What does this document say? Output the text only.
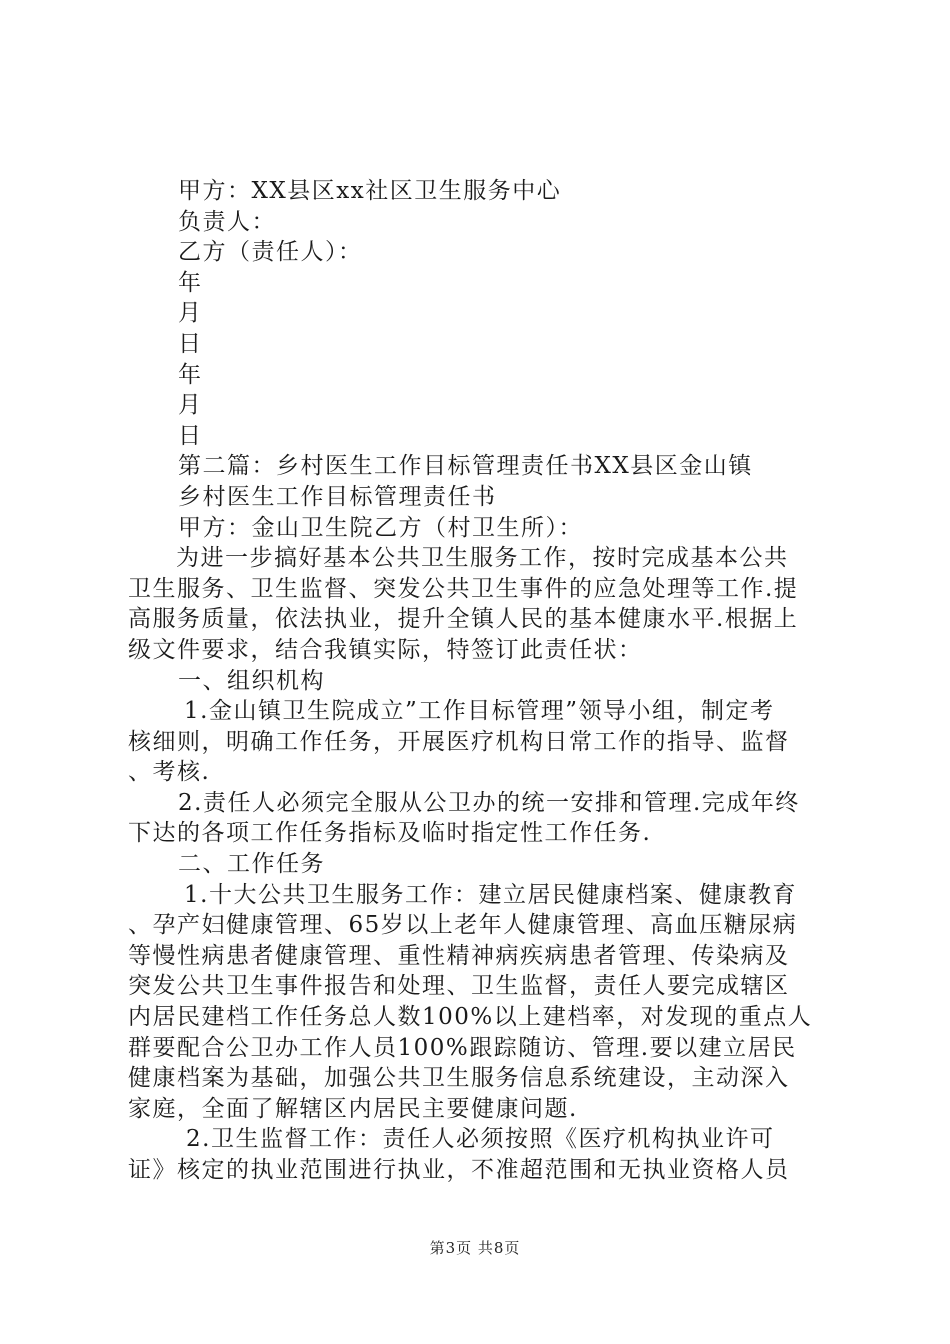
甲方：XX县区xx社区卫生服务中心
负责人：
乙方（责任人）：
年
月
日
年
月
日
第二篇：乡村医生工作目标管理责任书XX县区金山镇
乡村医生工作目标管理责任书
甲方：金山卫生院乙方（村卫生所）：
为进一步搞好基本公共卫生服务工作，按时完成基本公共
卫生服务、卫生监督、突发公共卫生事件的应急处理等工作.提
高服务质量，依法执业，提升全镇人民的基本健康水平.根据上
级文件要求，结合我镇实际，特签订此责任状：
一、组织机构
1.金山镇卫生院成立”工作目标管理”领导小组，制定考
核细则，明确工作任务，开展医疗机构日常工作的指导、监督
、考核.
2.责任人必须完全服从公卫办的统一安排和管理.完成年终
下达的各项工作任务指标及临时指定性工作任务.
二、工作任务
1.十大公共卫生服务工作：建立居民健康档案、健康教育
、孕产妇健康管理、65岁以上老年人健康管理、高血压糖尿病
等慢性病患者健康管理、重性精神病疾病患者管理、传染病及
突发公共卫生事件报告和处理、卫生监督，责任人要完成辖区
内居民建档工作任务总人数100%以上建档率，对发现的重点人
群要配合公卫办工作人员100%跟踪随访、管理.要以建立居民
健康档案为基础，加强公共卫生服务信息系统建设，主动深入
家庭，全面了解辖区内居民主要健康问题.
2.卫生监督工作：责任人必须按照《医疗机构执业许可
证》核定的执业范围进行执业，不准超范围和无执业资格人员
第3页 共8页
